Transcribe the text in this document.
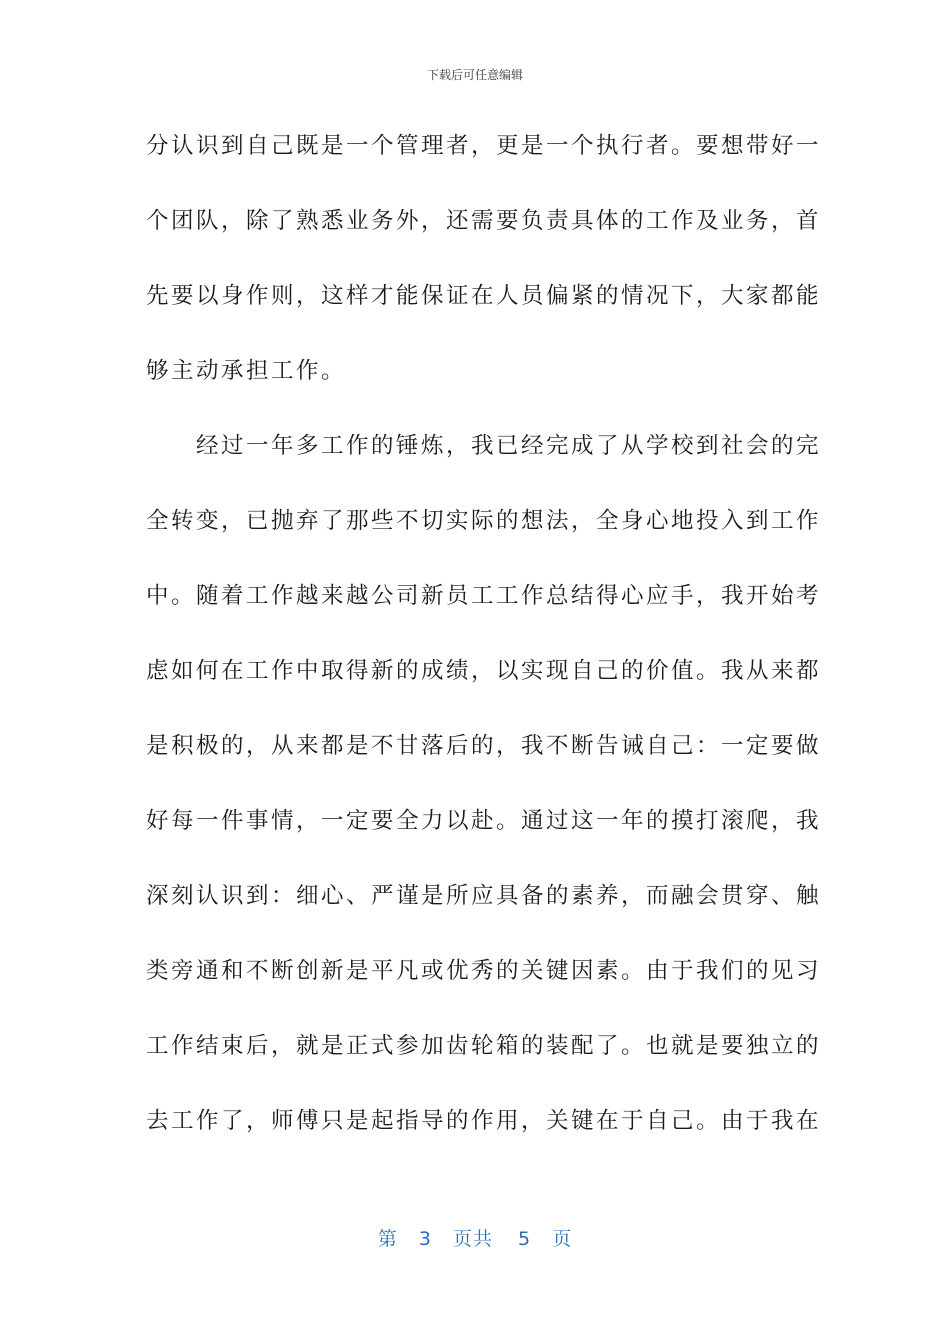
下载后可任意编辑
分认识到自己既是一个管理者，更是一个执行者。要想带好一
个团队，除了熟悉业务外，还需要负责具体的工作及业务，首
先要以身作则，这样才能保证在人员偏紧的情况下，大家都能
够主动承担工作。
　　经过一年多工作的锤炼，我已经完成了从学校到社会的完
全转变，已抛弃了那些不切实际的想法，全身心地投入到工作
中。随着工作越来越公司新员工工作总结得心应手，我开始考
虑如何在工作中取得新的成绩，以实现自己的价值。我从来都
是积极的，从来都是不甘落后的，我不断告诫自己：一定要做
好每一件事情，一定要全力以赴。通过这一年的摸打滚爬，我
深刻认识到：细心、严谨是所应具备的素养，而融会贯穿、触
类旁通和不断创新是平凡或优秀的关键因素。由于我们的见习
工作结束后，就是正式参加齿轮箱的装配了。也就是要独立的
去工作了，师傅只是起指导的作用，关键在于自己。由于我在
第 3 页共 5 页
